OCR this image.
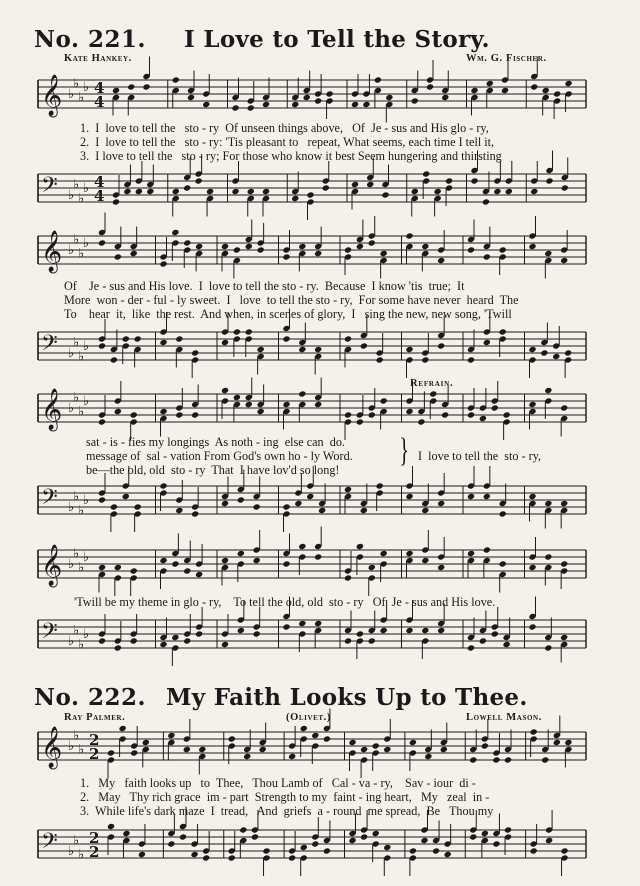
No. 221. I Love to Tell the Story.
Kate Hankey.	Wm. G. Fischer.
𝄞 ♭
♭
♭
♭ 4
4
1.  I  love to tell the   sto - ry  Of unseen things above,   Of  Je - sus and His glo - ry,
2.  I  love to tell the   sto - ry: 'Tis pleasant to   repeat, What seems, each time I tell it,
3.  I love to tell the   sto - ry; For those who know it best Seem hungering and thirsting
𝄢 ♭
♭
♭
♭ 4
4
𝄞 ♭
♭
♭
♭
Of    Je - sus and His love.  I  love to tell the sto - ry.  Because  I know 'tis  true;  It
More  won - der - ful - ly sweet.  I   love  to tell the sto - ry,  For some have never  heard  The
To    hear  it,  like  the rest.  And when, in scenes of glory,  I   sing the new, new song, 'Twill
𝄢 ♭
♭
♭
♭
Refrain.
𝄞 ♭
♭
♭
♭
sat - is - fies my longings  As noth - ing  else can  do.
message of  sal - vation From God's own ho - ly Word.
be—the old, old  sto - ry  That  I have lov'd so long!
} I  love to tell the  sto - ry,
𝄢 ♭
♭
♭
♭
𝄞 ♭
♭
♭
♭
'Twill be my theme in glo - ry,    To tell the old, old  sto - ry   Of  Je - sus and His love.
𝄢 ♭
♭
♭
♭
No. 222. My Faith Looks Up to Thee.
Ray Palmer.	(Olivet.)	Lowell Mason.
𝄞 ♭
♭
♭
2
2
1.   My   faith looks up   to  Thee,   Thou Lamb of   Cal - va - ry,    Sav - iour  di -
2.   May   Thy rich grace  im - part  Strength to my  faint - ing heart,   My   zeal  in -
3.  While life's dark maze  I  tread,   And  griefs  a - round  me spread,  Be   Thou my
𝄢 ♭
♭
♭
2
2
